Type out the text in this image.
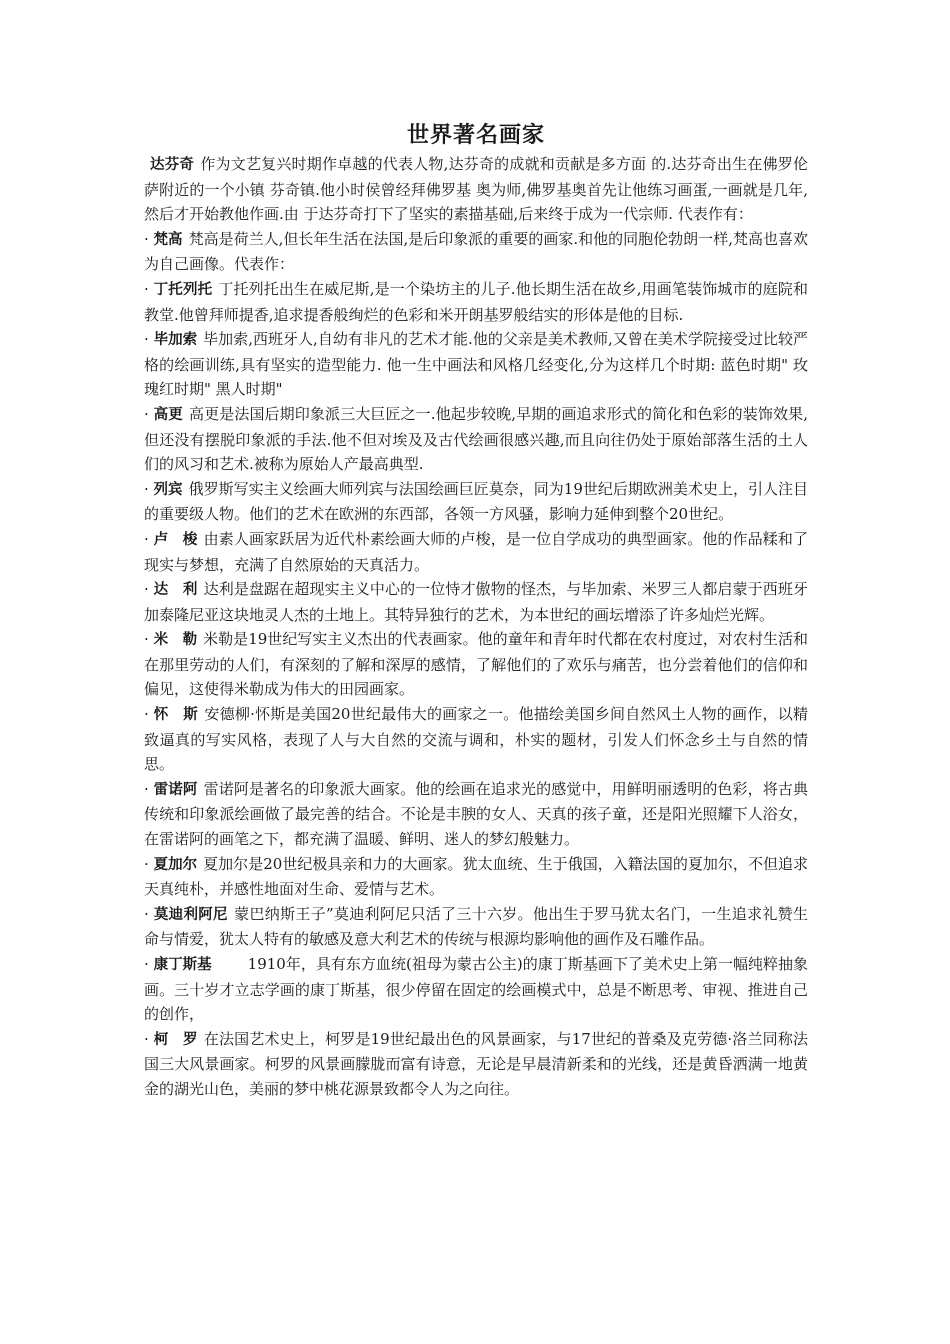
世界著名画家

达芬奇 作为文艺复兴时期作卓越的代表人物,达芬奇的成就和贡献是多方面 的.达芬奇出生在佛罗伦萨附近的一个小镇 芬奇镇.他小时侯曾经拜佛罗基 奥为师,佛罗基奥首先让他练习画蛋,一画就是几年,然后才开始教他作画.由 于达芬奇打下了坚实的素描基础,后来终于成为一代宗师. 代表作有：

· 梵高 梵高是荷兰人,但长年生活在法国,是后印象派的重要的画家.和他的同胞伦勃朗一样,梵高也喜欢为自己画像。代表作：

· 丁托列托 丁托列托出生在威尼斯,是一个染坊主的儿子.他长期生活在故乡,用画笔装饰城市的庭院和教堂.他曾拜师提香,追求提香般绚烂的色彩和米开朗基罗般结实的形体是他的目标.

· 毕加索 毕加索,西班牙人,自幼有非凡的艺术才能.他的父亲是美术教师,又曾在美术学院接受过比较严格的绘画训练,具有坚实的造型能力. 他一生中画法和风格几经变化,分为这样几个时期: 蓝色时期" 玫瑰红时期" 黑人时期"

· 高更 高更是法国后期印象派三大巨匠之一.他起步较晚,早期的画追求形式的简化和色彩的装饰效果,但还没有摆脱印象派的手法.他不但对埃及及古代绘画很感兴趣,而且向往仍处于原始部落生活的土人们的风习和艺术.被称为原始人产最高典型.

· 列宾 俄罗斯写实主义绘画大师列宾与法国绘画巨匠莫奈，同为19世纪后期欧洲美术史上，引人注目的重要级人物。他们的艺术在欧洲的东西部，各领一方风骚，影响力延伸到整个20世纪。

· 卢　梭 由素人画家跃居为近代朴素绘画大师的卢梭，是一位自学成功的典型画家。他的作品糅和了现实与梦想，充满了自然原始的天真活力。

· 达　利 达利是盘踞在超现实主义中心的一位恃才傲物的怪杰，与毕加索、米罗三人都启蒙于西班牙加泰隆尼亚这块地灵人杰的土地上。其特异独行的艺术，为本世纪的画坛增添了许多灿烂光辉。

· 米　勒 米勒是19世纪写实主义杰出的代表画家。他的童年和青年时代都在农村度过，对农村生活和在那里劳动的人们，有深刻的了解和深厚的感情，了解他们的了欢乐与痛苦，也分尝着他们的信仰和偏见，这使得米勒成为伟大的田园画家。

· 怀　斯 安德柳·怀斯是美国20世纪最伟大的画家之一。他描绘美国乡间自然风土人物的画作，以精致逼真的写实风格，表现了人与大自然的交流与调和，朴实的题材，引发人们怀念乡土与自然的情思。

· 雷诺阿 雷诺阿是著名的印象派大画家。他的绘画在追求光的感觉中，用鲜明丽透明的色彩，将古典传统和印象派绘画做了最完善的结合。不论是丰腴的女人、天真的孩子童，还是阳光照耀下人浴女，在雷诺阿的画笔之下，都充满了温暖、鲜明、迷人的梦幻般魅力。

· 夏加尔 夏加尔是20世纪极具亲和力的大画家。犹太血统、生于俄国，入籍法国的夏加尔，不但追求天真纯朴，并感性地面对生命、爱情与艺术。

· 莫迪利阿尼 蒙巴纳斯王子”莫迪利阿尼只活了三十六岁。他出生于罗马犹太名门，一生追求礼赞生命与情爱，犹太人特有的敏感及意大利艺术的传统与根源均影响他的画作及石雕作品。

· 康丁斯基　　1910年，具有东方血统(祖母为蒙古公主)的康丁斯基画下了美术史上第一幅纯粹抽象画。三十岁才立志学画的康丁斯基，很少停留在固定的绘画模式中，总是不断思考、审视、推进自己的创作，

· 柯　罗 在法国艺术史上，柯罗是19世纪最出色的风景画家，与17世纪的普桑及克劳德·洛兰同称法国三大风景画家。柯罗的风景画朦胧而富有诗意，无论是早晨清新柔和的光线，还是黄昏洒满一地黄金的湖光山色，美丽的梦中桃花源景致都令人为之向往。
